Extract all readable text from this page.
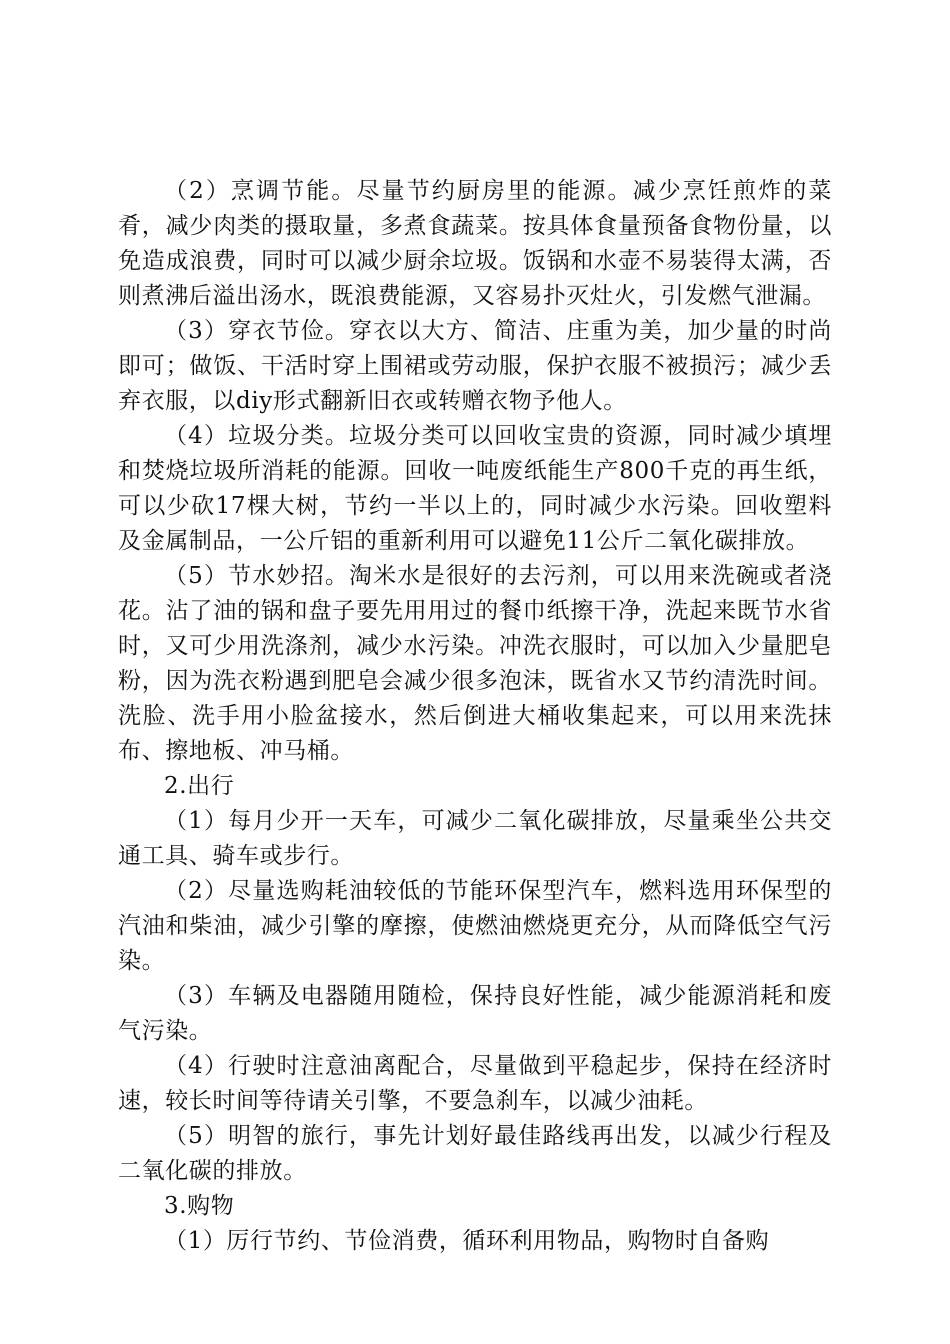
（2）烹调节能。尽量节约厨房里的能源。减少烹饪煎炸的菜肴，减少肉类的摄取量，多煮食蔬菜。按具体食量预备食物份量，以免造成浪费，同时可以减少厨余垃圾。饭锅和水壶不易装得太满，否则煮沸后溢出汤水，既浪费能源，又容易扑灭灶火，引发燃气泄漏。

（3）穿衣节俭。穿衣以大方、简洁、庄重为美，加少量的时尚即可；做饭、干活时穿上围裙或劳动服，保护衣服不被损污；减少丢弃衣服，以diy形式翻新旧衣或转赠衣物予他人。

（4）垃圾分类。垃圾分类可以回收宝贵的资源，同时减少填埋和焚烧垃圾所消耗的能源。回收一吨废纸能生产800千克的再生纸，可以少砍17棵大树，节约一半以上的，同时减少水污染。回收塑料及金属制品，一公斤铝的重新利用可以避免11公斤二氧化碳排放。

（5）节水妙招。淘米水是很好的去污剂，可以用来洗碗或者浇花。沾了油的锅和盘子要先用用过的餐巾纸擦干净，洗起来既节水省时，又可少用洗涤剂，减少水污染。冲洗衣服时，可以加入少量肥皂粉，因为洗衣粉遇到肥皂会减少很多泡沫，既省水又节约清洗时间。洗脸、洗手用小脸盆接水，然后倒进大桶收集起来，可以用来洗抹布、擦地板、冲马桶。

2.出行

（1）每月少开一天车，可减少二氧化碳排放，尽量乘坐公共交通工具、骑车或步行。

（2）尽量选购耗油较低的节能环保型汽车，燃料选用环保型的汽油和柴油，减少引擎的摩擦，使燃油燃烧更充分，从而降低空气污染。

（3）车辆及电器随用随检，保持良好性能，减少能源消耗和废气污染。

（4）行驶时注意油离配合，尽量做到平稳起步，保持在经济时速，较长时间等待请关引擎，不要急刹车，以减少油耗。

（5）明智的旅行，事先计划好最佳路线再出发，以减少行程及二氧化碳的排放。

3.购物

（1）厉行节约、节俭消费，循环利用物品，购物时自备购
